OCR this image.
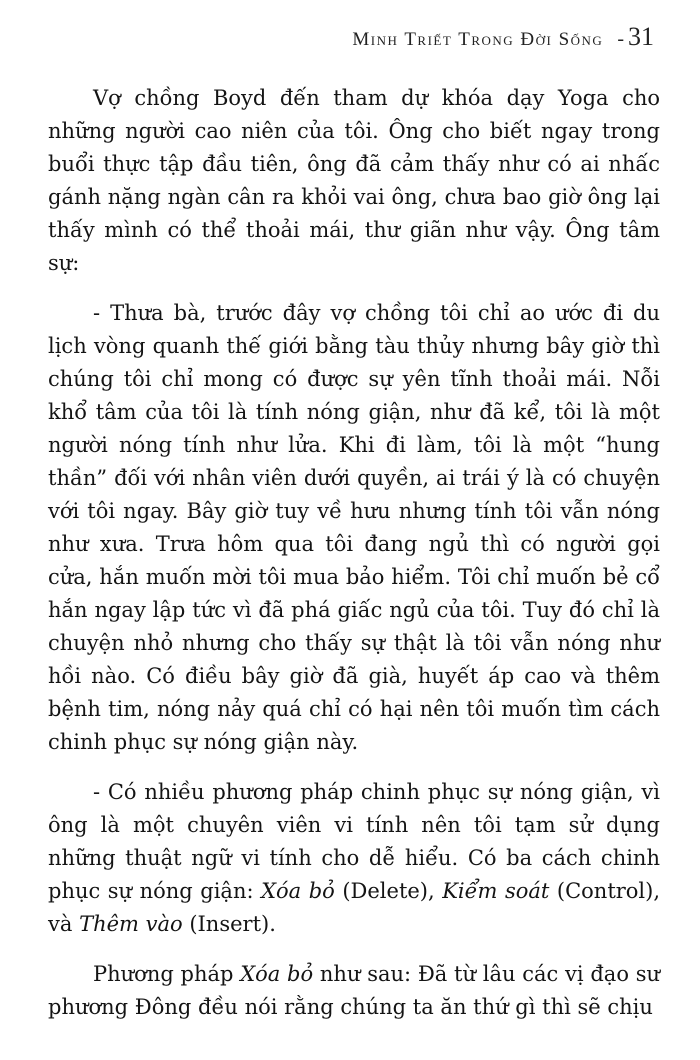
Minh Triết Trong Đời Sống - 31

Vợ chồng Boyd đến tham dự khóa dạy Yoga cho những người cao niên của tôi. Ông cho biết ngay trong buổi thực tập đầu tiên, ông đã cảm thấy như có ai nhấc gánh nặng ngàn cân ra khỏi vai ông, chưa bao giờ ông lại thấy mình có thể thoải mái, thư giãn như vậy. Ông tâm sự:

- Thưa bà, trước đây vợ chồng tôi chỉ ao ước đi du lịch vòng quanh thế giới bằng tàu thủy nhưng bây giờ thì chúng tôi chỉ mong có được sự yên tĩnh thoải mái. Nỗi khổ tâm của tôi là tính nóng giận, như đã kể, tôi là một người nóng tính như lửa. Khi đi làm, tôi là một “hung thần” đối với nhân viên dưới quyền, ai trái ý là có chuyện với tôi ngay. Bây giờ tuy về hưu nhưng tính tôi vẫn nóng như xưa. Trưa hôm qua tôi đang ngủ thì có người gọi cửa, hắn muốn mời tôi mua bảo hiểm. Tôi chỉ muốn bẻ cổ hắn ngay lập tức vì đã phá giấc ngủ của tôi. Tuy đó chỉ là chuyện nhỏ nhưng cho thấy sự thật là tôi vẫn nóng như hồi nào. Có điều bây giờ đã già, huyết áp cao và thêm bệnh tim, nóng nảy quá chỉ có hại nên tôi muốn tìm cách chinh phục sự nóng giận này.

- Có nhiều phương pháp chinh phục sự nóng giận, vì ông là một chuyên viên vi tính nên tôi tạm sử dụng những thuật ngữ vi tính cho dễ hiểu. Có ba cách chinh phục sự nóng giận: Xóa bỏ (Delete), Kiểm soát (Control), và Thêm vào (Insert).

Phương pháp Xóa bỏ như sau: Đã từ lâu các vị đạo sư phương Đông đều nói rằng chúng ta ăn thứ gì thì sẽ chịu
